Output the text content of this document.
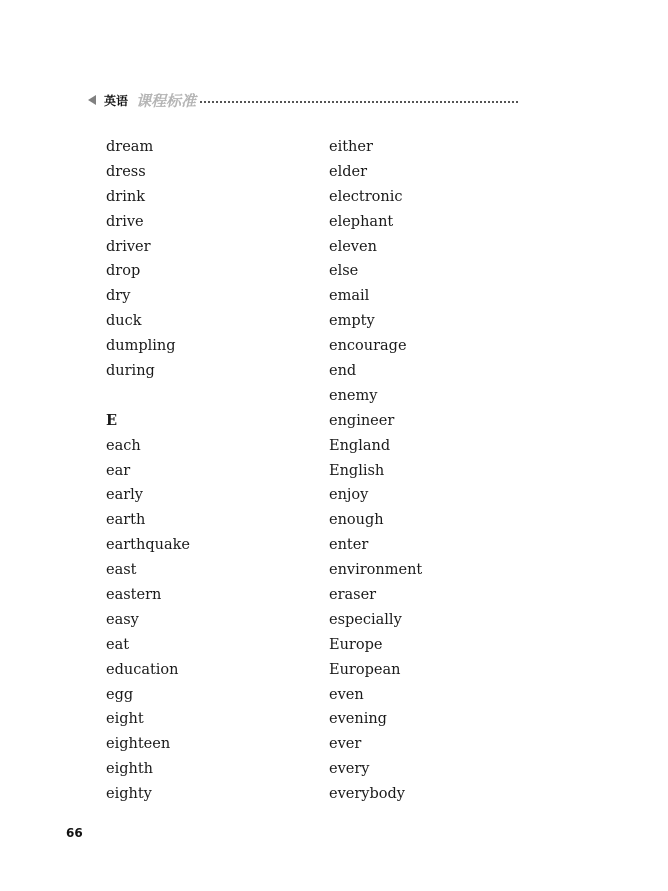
英语 课程标准
dream
dress
drink
drive
driver
drop
dry
duck
dumpling
during
E
each
ear
early
earth
earthquake
east
eastern
easy
eat
education
egg
eight
eighteen
eighth
eighty
either
elder
electronic
elephant
eleven
else
email
empty
encourage
end
enemy
engineer
England
English
enjoy
enough
enter
environment
eraser
especially
Europe
European
even
evening
ever
every
everybody
66
